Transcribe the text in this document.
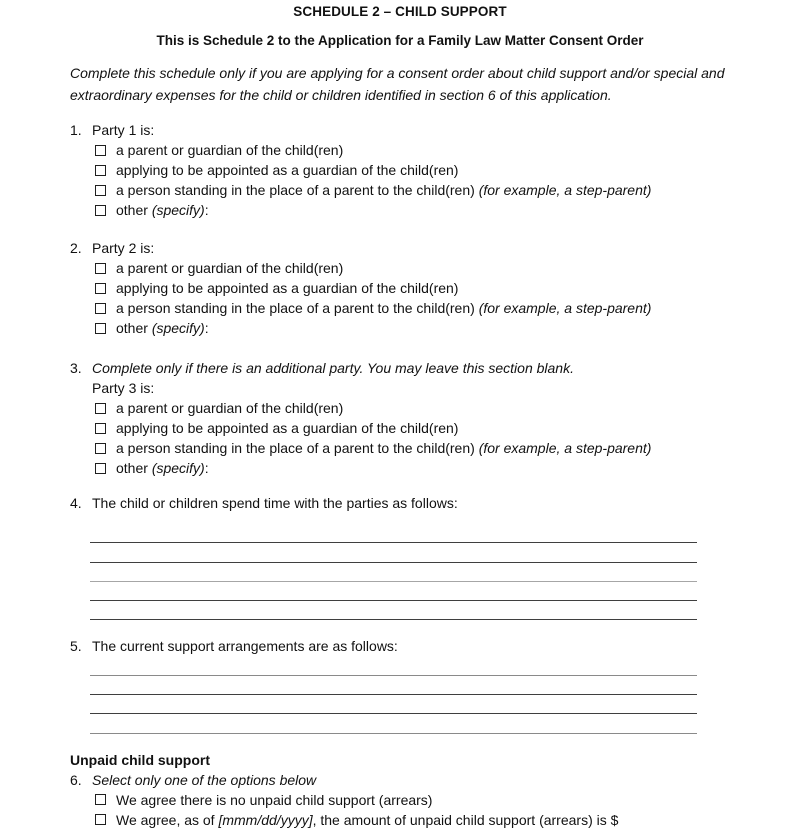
SCHEDULE 2 – CHILD SUPPORT
This is Schedule 2 to the Application for a Family Law Matter Consent Order

Complete this schedule only if you are applying for a consent order about child support and/or special and
extraordinary expenses for the child or children identified in section 6 of this application.

1. Party 1 is:
a parent or guardian of the child(ren)
applying to be appointed as a guardian of the child(ren)
a person standing in the place of a parent to the child(ren) (for example, a step-parent)
other (specify):
2. Party 2 is:
a parent or guardian of the child(ren)
applying to be appointed as a guardian of the child(ren)
a person standing in the place of a parent to the child(ren) (for example, a step-parent)
other (specify):
3. Complete only if there is an additional party. You may leave this section blank.
Party 3 is:
a parent or guardian of the child(ren)
applying to be appointed as a guardian of the child(ren)
a person standing in the place of a parent to the child(ren) (for example, a step-parent)
other (specify):
4. The child or children spend time with the parties as follows:
5. The current support arrangements are as follows:
Unpaid child support
6. Select only one of the options below
We agree there is no unpaid child support (arrears)
We agree, as of [mmm/dd/yyyy], the amount of unpaid child support (arrears) is $
